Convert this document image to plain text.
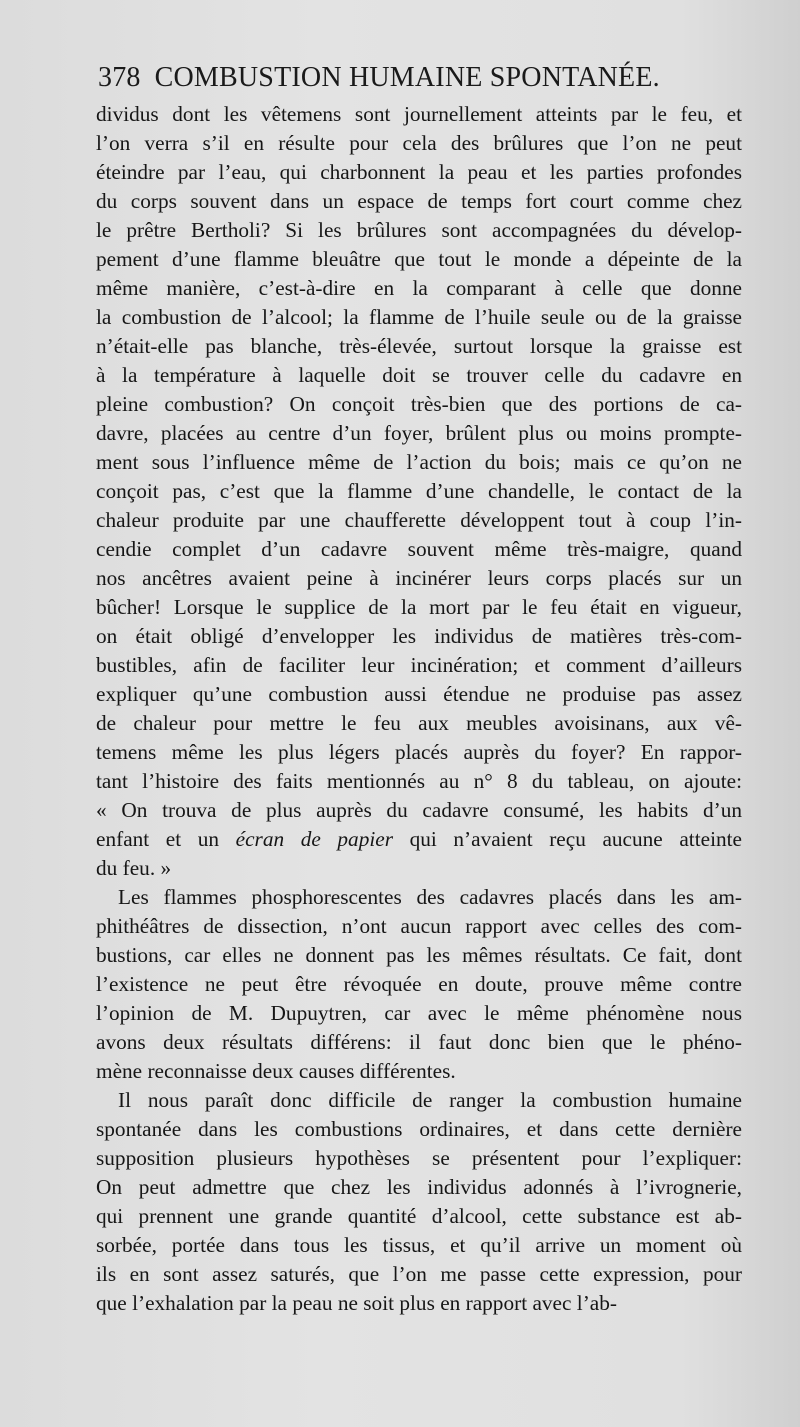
378 COMBUSTION HUMAINE SPONTANÉE.
dividus dont les vêtemens sont journellement atteints par le feu, et
l’on verra s’il en résulte pour cela des brûlures que l’on ne peut
éteindre par l’eau, qui charbonnent la peau et les parties profondes
du corps souvent dans un espace de temps fort court comme chez
le prêtre Bertholi? Si les brûlures sont accompagnées du dévelop-
pement d’une flamme bleuâtre que tout le monde a dépeinte de la
même manière, c’est-à-dire en la comparant à celle que donne
la combustion de l’alcool; la flamme de l’huile seule ou de la graisse
n’était-elle pas blanche, très-élevée, surtout lorsque la graisse est
à la température à laquelle doit se trouver celle du cadavre en
pleine combustion? On conçoit très-bien que des portions de ca-
davre, placées au centre d’un foyer, brûlent plus ou moins prompte-
ment sous l’influence même de l’action du bois; mais ce qu’on ne
conçoit pas, c’est que la flamme d’une chandelle, le contact de la
chaleur produite par une chaufferette développent tout à coup l’in-
cendie complet d’un cadavre souvent même très-maigre, quand
nos ancêtres avaient peine à incinérer leurs corps placés sur un
bûcher! Lorsque le supplice de la mort par le feu était en vigueur,
on était obligé d’envelopper les individus de matières très-com-
bustibles, afin de faciliter leur incinération; et comment d’ailleurs
expliquer qu’une combustion aussi étendue ne produise pas assez
de chaleur pour mettre le feu aux meubles avoisinans, aux vê-
temens même les plus légers placés auprès du foyer? En rappor-
tant l’histoire des faits mentionnés au n° 8 du tableau, on ajoute:
« On trouva de plus auprès du cadavre consumé, les habits d’un
enfant et un écran de papier qui n’avaient reçu aucune atteinte
du feu. »
Les flammes phosphorescentes des cadavres placés dans les am-
phithéâtres de dissection, n’ont aucun rapport avec celles des com-
bustions, car elles ne donnent pas les mêmes résultats. Ce fait, dont
l’existence ne peut être révoquée en doute, prouve même contre
l’opinion de M. Dupuytren, car avec le même phénomène nous
avons deux résultats différens: il faut donc bien que le phéno-
mène reconnaisse deux causes différentes.
Il nous paraît donc difficile de ranger la combustion humaine
spontanée dans les combustions ordinaires, et dans cette dernière
supposition plusieurs hypothèses se présentent pour l’expliquer:
On peut admettre que chez les individus adonnés à l’ivrognerie,
qui prennent une grande quantité d’alcool, cette substance est ab-
sorbée, portée dans tous les tissus, et qu’il arrive un moment où
ils en sont assez saturés, que l’on me passe cette expression, pour
que l’exhalation par la peau ne soit plus en rapport avec l’ab-
